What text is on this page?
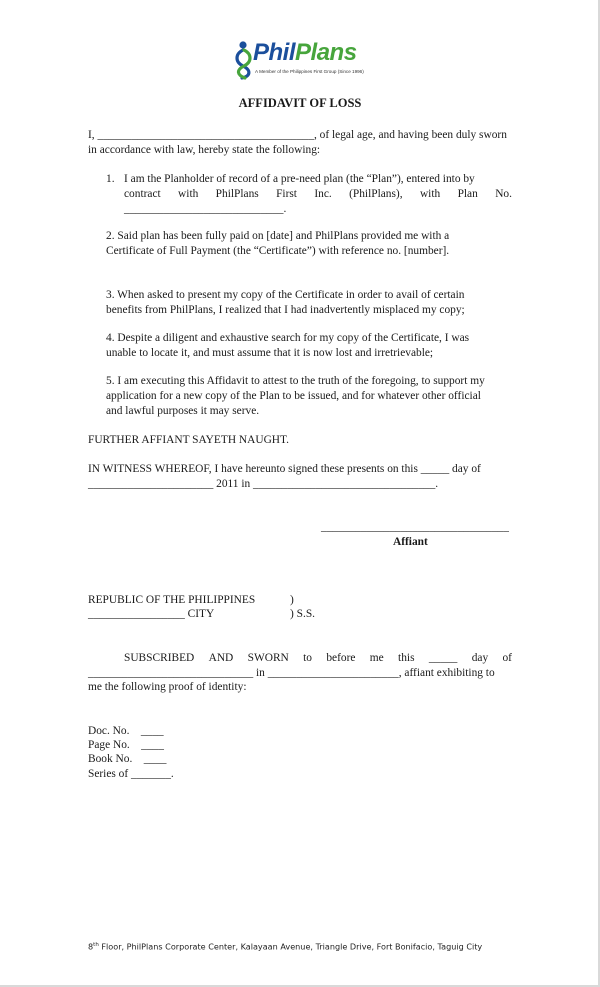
PhilPlans
A Member of the Philippines First Group (Since 1996)
AFFIDAVIT OF LOSS
I, ______________________________________, of legal age, and having been duly sworn
in accordance with law, hereby state the following:
1. I am the Planholder of record of a pre-need plan (the “Plan”), entered into by
contract with PhilPlans First Inc. (PhilPlans), with Plan No.
____________________________.
2. Said plan has been fully paid on [date] and PhilPlans provided me with a
Certificate of Full Payment (the “Certificate”) with reference no. [number].
3. When asked to present my copy of the Certificate in order to avail of certain
benefits from PhilPlans, I realized that I had inadvertently misplaced my copy;
4. Despite a diligent and exhaustive search for my copy of the Certificate, I was
unable to locate it, and must assume that it is now lost and irretrievable;
5. I am executing this Affidavit to attest to the truth of the foregoing, to support my
application for a new copy of the Plan to be issued, and for whatever other official
and lawful purposes it may serve.
FURTHER AFFIANT SAYETH NAUGHT.
IN WITNESS WHEREOF, I have hereunto signed these presents on this _____ day of
______________________ 2011 in ________________________________.
_________________________________
Affiant
REPUBLIC OF THE PHILIPPINES	)
_________________ CITY	) S.S.
SUBSCRIBED AND SWORN to before me this _____ day of
_____________________________ in _______________________, affiant exhibiting to
me the following proof of identity:
Doc. No.    ____
Page No.    ____
Book No.    ____
Series of _______.
8th Floor, PhilPlans Corporate Center, Kalayaan Avenue, Triangle Drive, Fort Bonifacio, Taguig City
